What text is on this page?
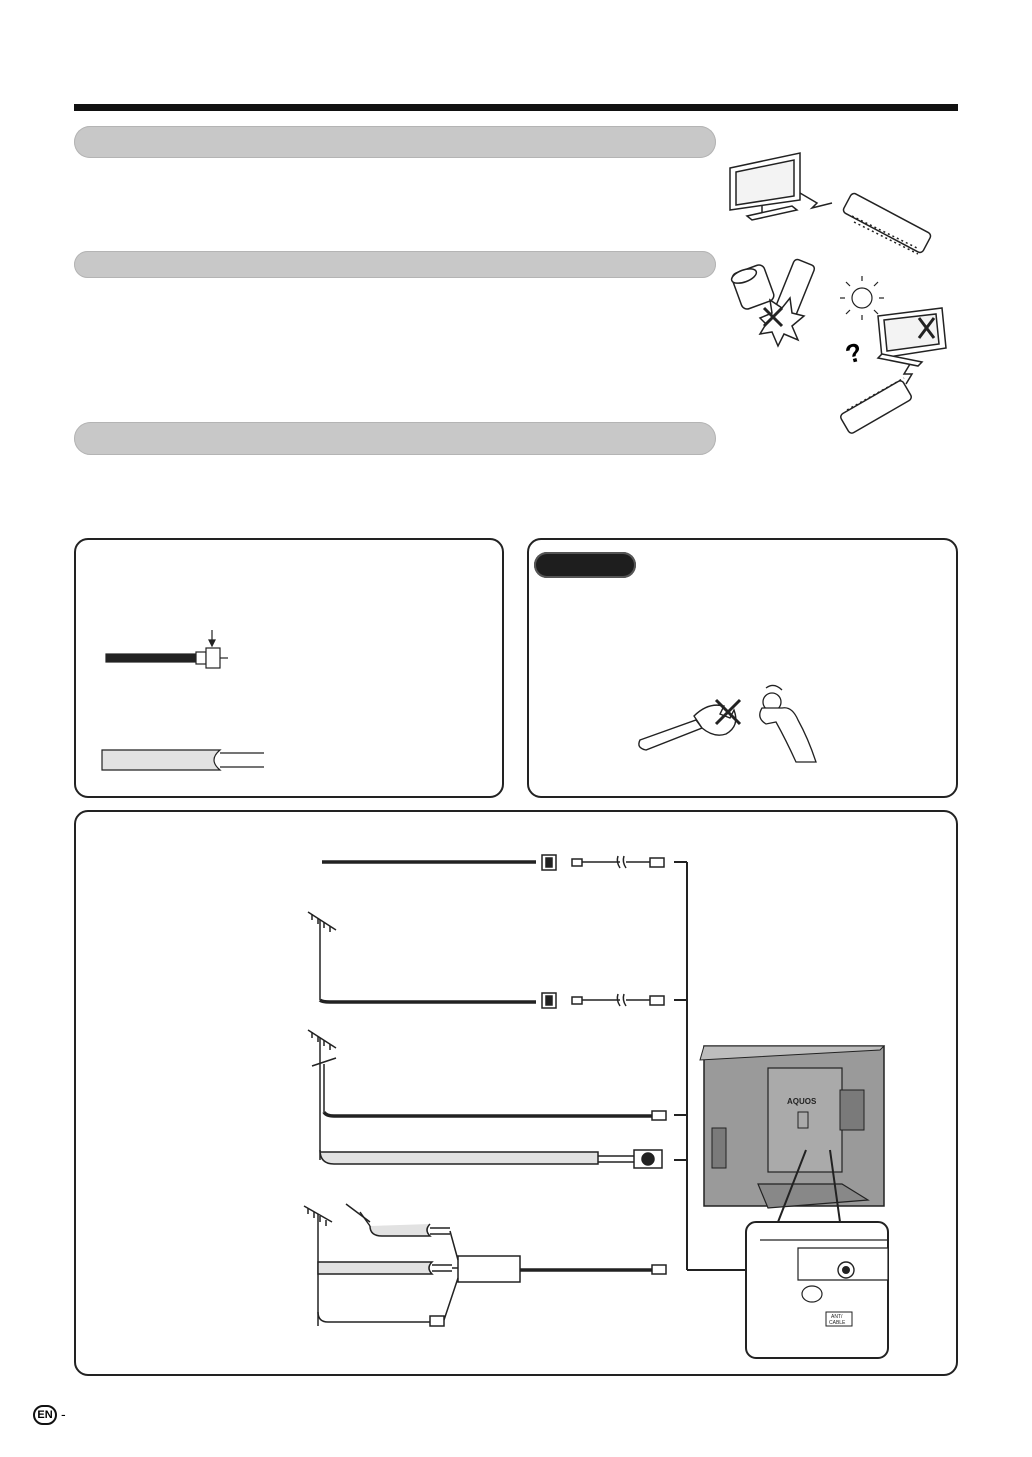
?
AQUOS
ANT/
CABLE
EN -
